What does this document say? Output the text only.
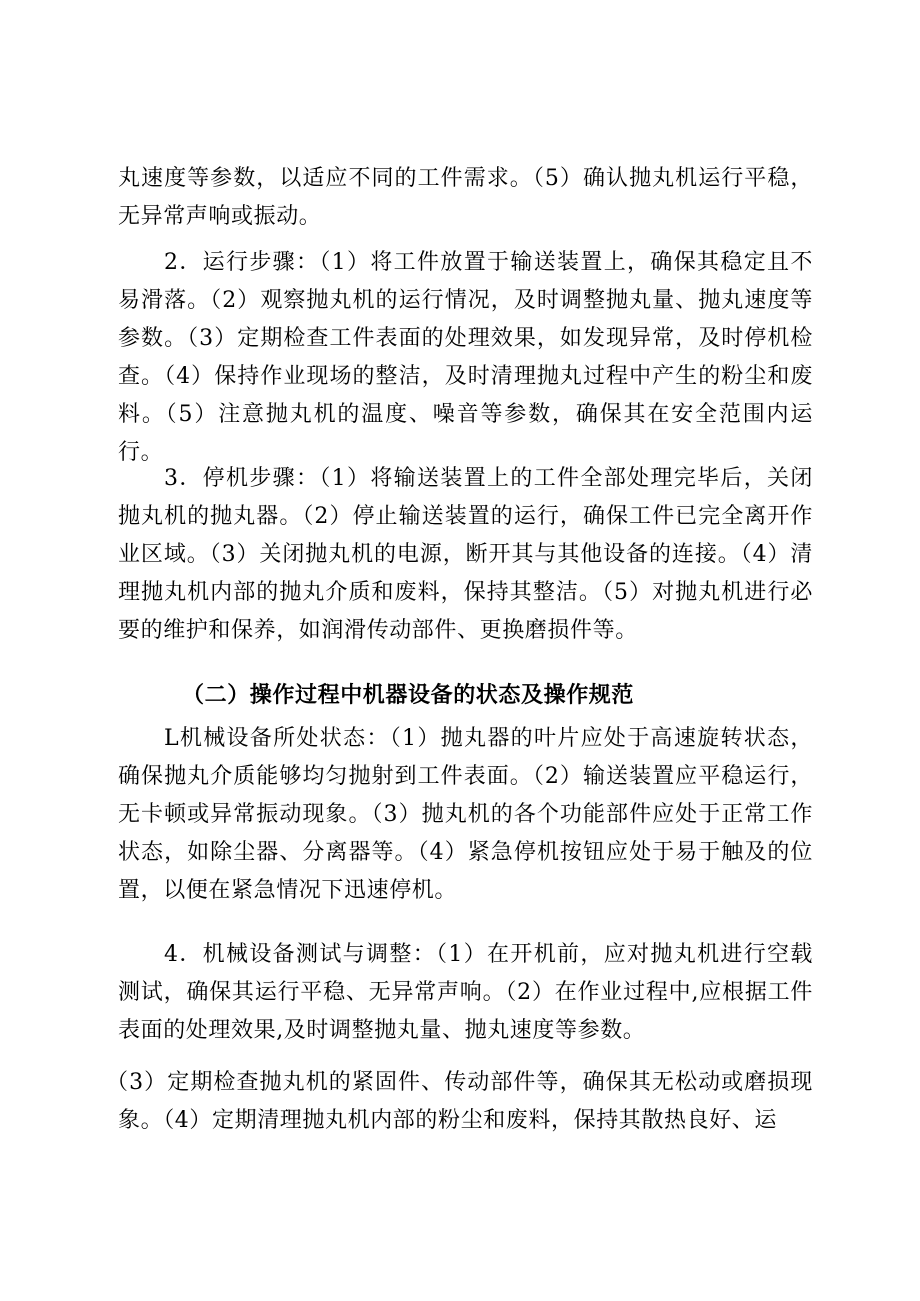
丸速度等参数，以适应不同的工件需求。（5）确认抛丸机运行平稳，无异常声响或振动。

2．运行步骤：（1）将工件放置于输送装置上，确保其稳定且不易滑落。（2）观察抛丸机的运行情况，及时调整抛丸量、抛丸速度等参数。（3）定期检查工件表面的处理效果，如发现异常，及时停机检查。（4）保持作业现场的整洁，及时清理抛丸过程中产生的粉尘和废料。（5）注意抛丸机的温度、噪音等参数，确保其在安全范围内运行。

3．停机步骤：（1）将输送装置上的工件全部处理完毕后，关闭抛丸机的抛丸器。（2）停止输送装置的运行，确保工件已完全离开作业区域。（3）关闭抛丸机的电源，断开其与其他设备的连接。（4）清理抛丸机内部的抛丸介质和废料，保持其整洁。（5）对抛丸机进行必要的维护和保养，如润滑传动部件、更换磨损件等。

（二）操作过程中机器设备的状态及操作规范

L机械设备所处状态：（1）抛丸器的叶片应处于高速旋转状态，确保抛丸介质能够均匀抛射到工件表面。（2）输送装置应平稳运行，无卡顿或异常振动现象。（3）抛丸机的各个功能部件应处于正常工作状态，如除尘器、分离器等。（4）紧急停机按钮应处于易于触及的位置，以便在紧急情况下迅速停机。

4．机械设备测试与调整：（1）在开机前，应对抛丸机进行空载测试，确保其运行平稳、无异常声响。（2）在作业过程中,应根据工件表面的处理效果,及时调整抛丸量、抛丸速度等参数。

（3）定期检查抛丸机的紧固件、传动部件等，确保其无松动或磨损现象。（4）定期清理抛丸机内部的粉尘和废料，保持其散热良好、运
